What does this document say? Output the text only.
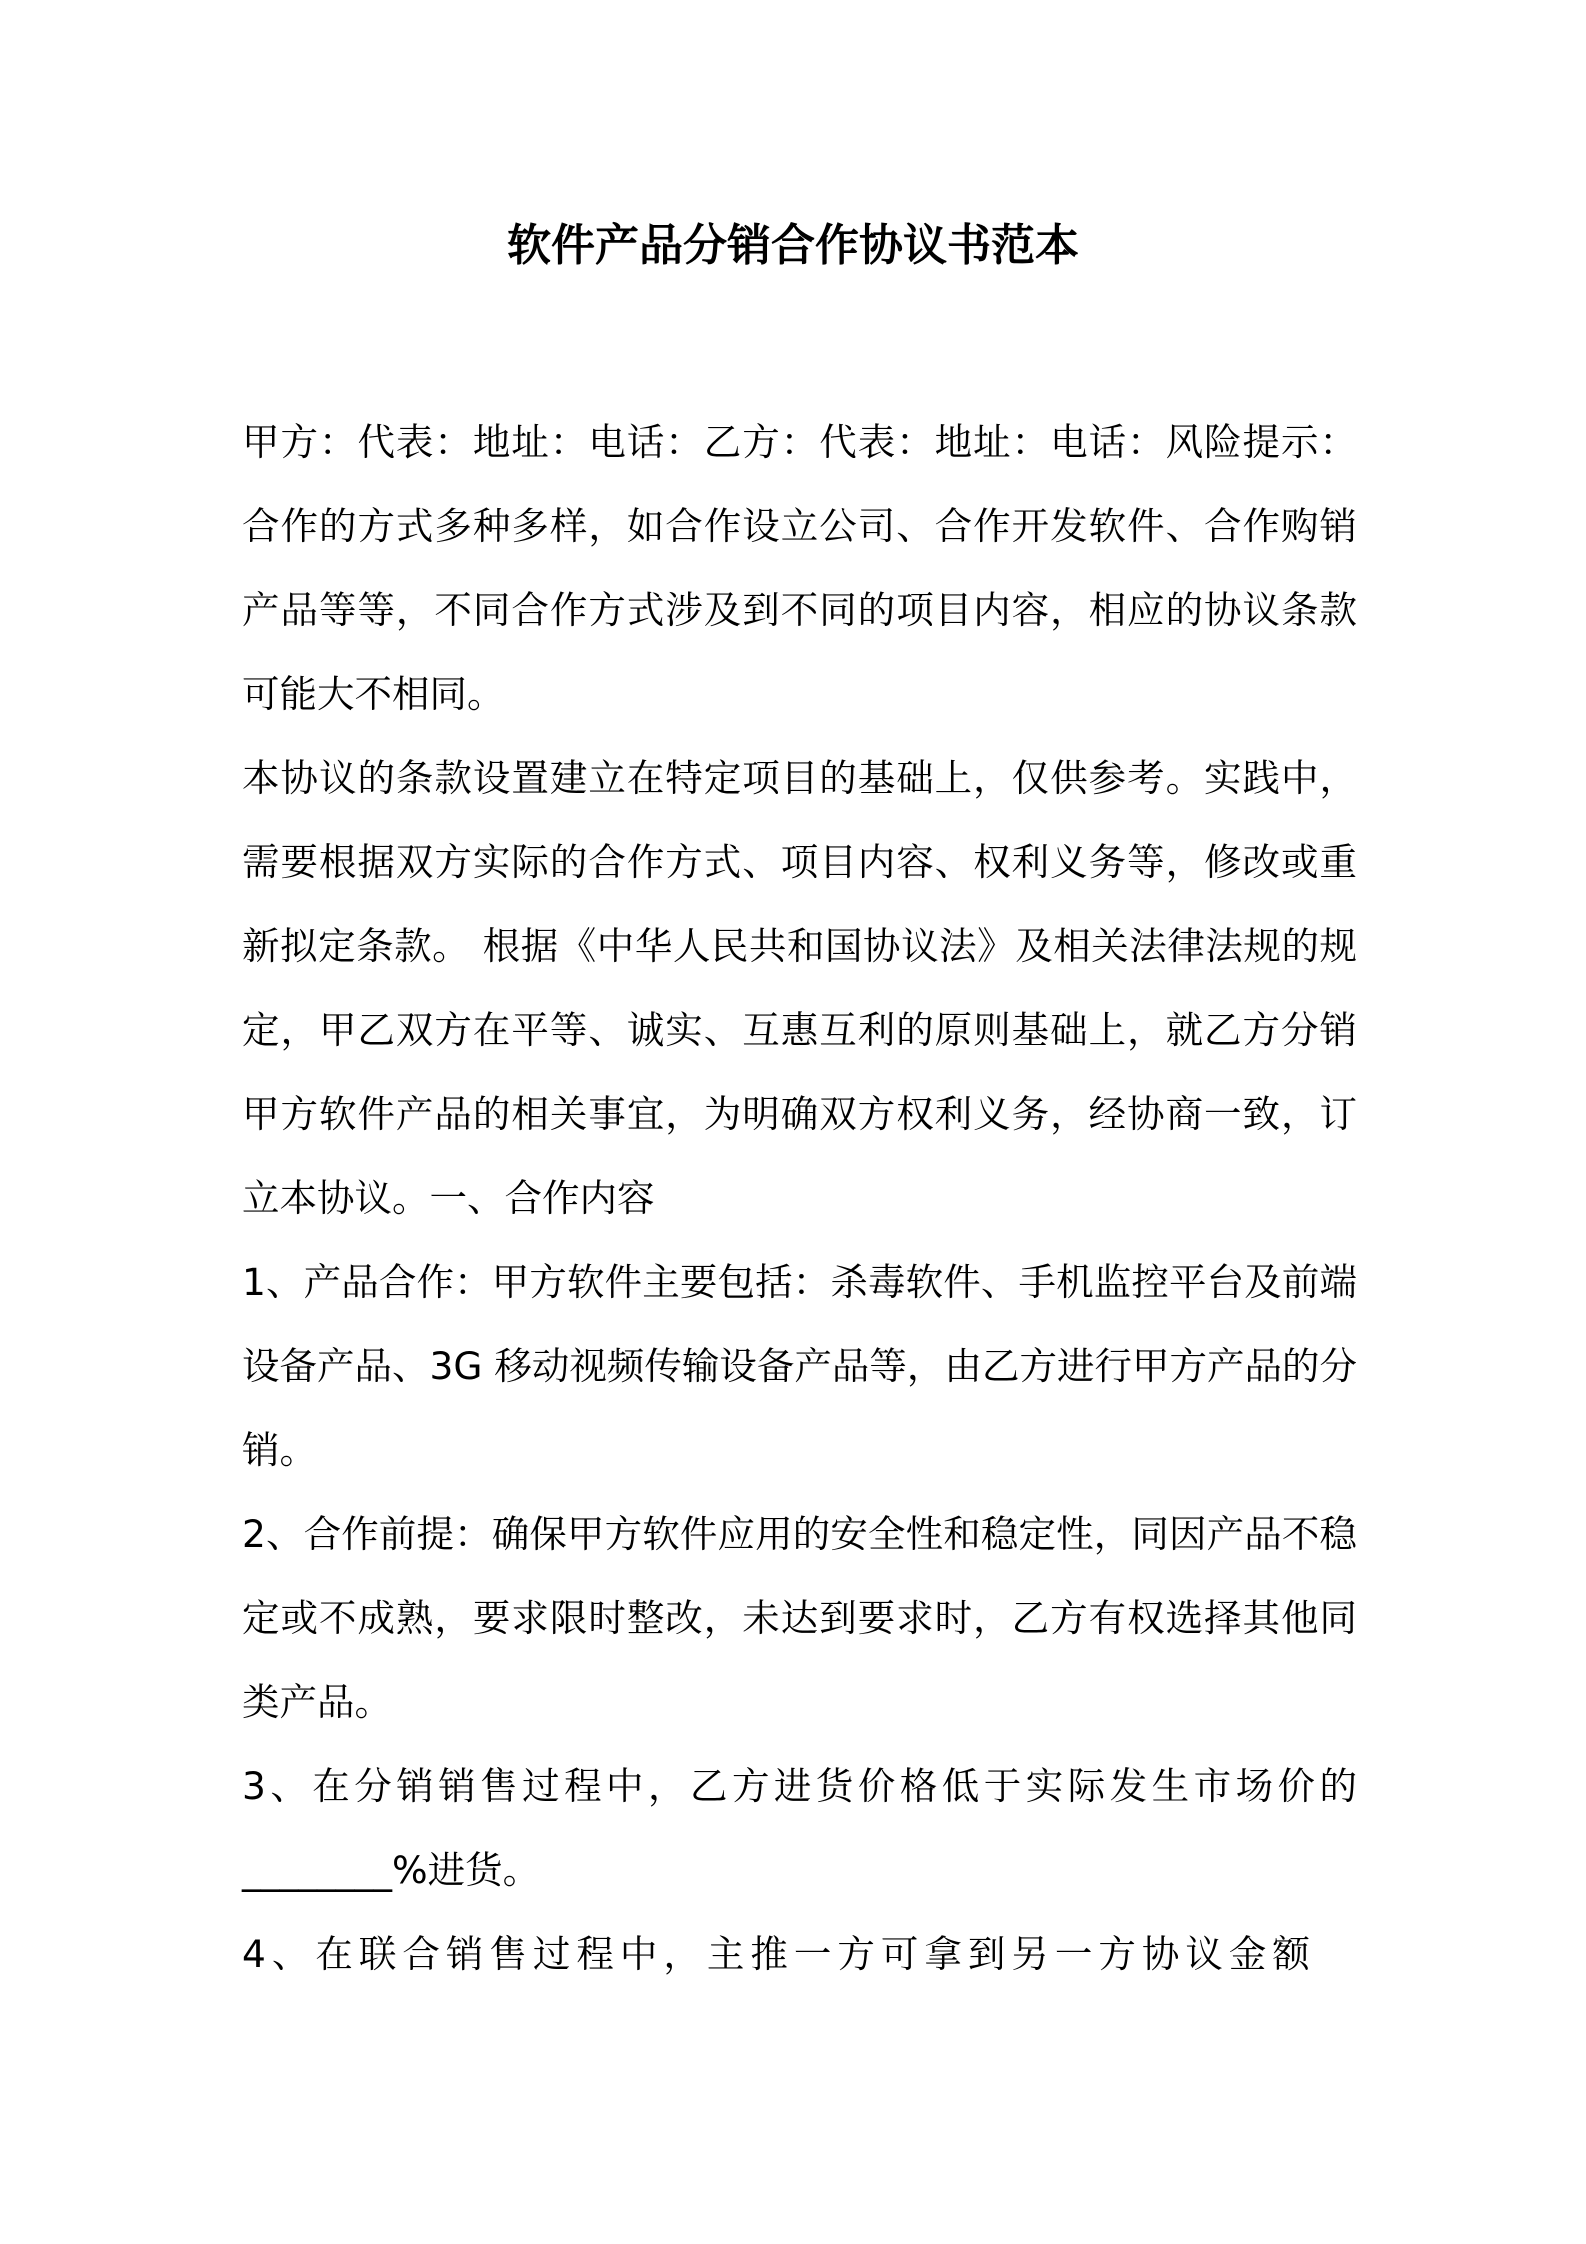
软件产品分销合作协议书范本

甲方：代表：地址：电话：乙方：代表：地址：电话：风险提示：合作的方式多种多样，如合作设立公司、合作开发软件、合作购销产品等等，不同合作方式涉及到不同的项目内容，相应的协议条款可能大不相同。

本协议的条款设置建立在特定项目的基础上，仅供参考。实践中，需要根据双方实际的合作方式、项目内容、权利义务等，修改或重新拟定条款。 根据《中华人民共和国协议法》及相关法律法规的规定，甲乙双方在平等、诚实、互惠互利的原则基础上，就乙方分销甲方软件产品的相关事宜，为明确双方权利义务，经协商一致，订立本协议。一、合作内容

1、产品合作：甲方软件主要包括：杀毒软件、手机监控平台及前端设备产品、3G 移动视频传输设备产品等，由乙方进行甲方产品的分销。

2、合作前提：确保甲方软件应用的安全性和稳定性，同因产品不稳定或不成熟，要求限时整改，未达到要求时，乙方有权选择其他同类产品。

3、在分销销售过程中，乙方进货价格低于实际发生市场价的________%进货。

4、在联合销售过程中，主推一方可拿到另一方协议金额
